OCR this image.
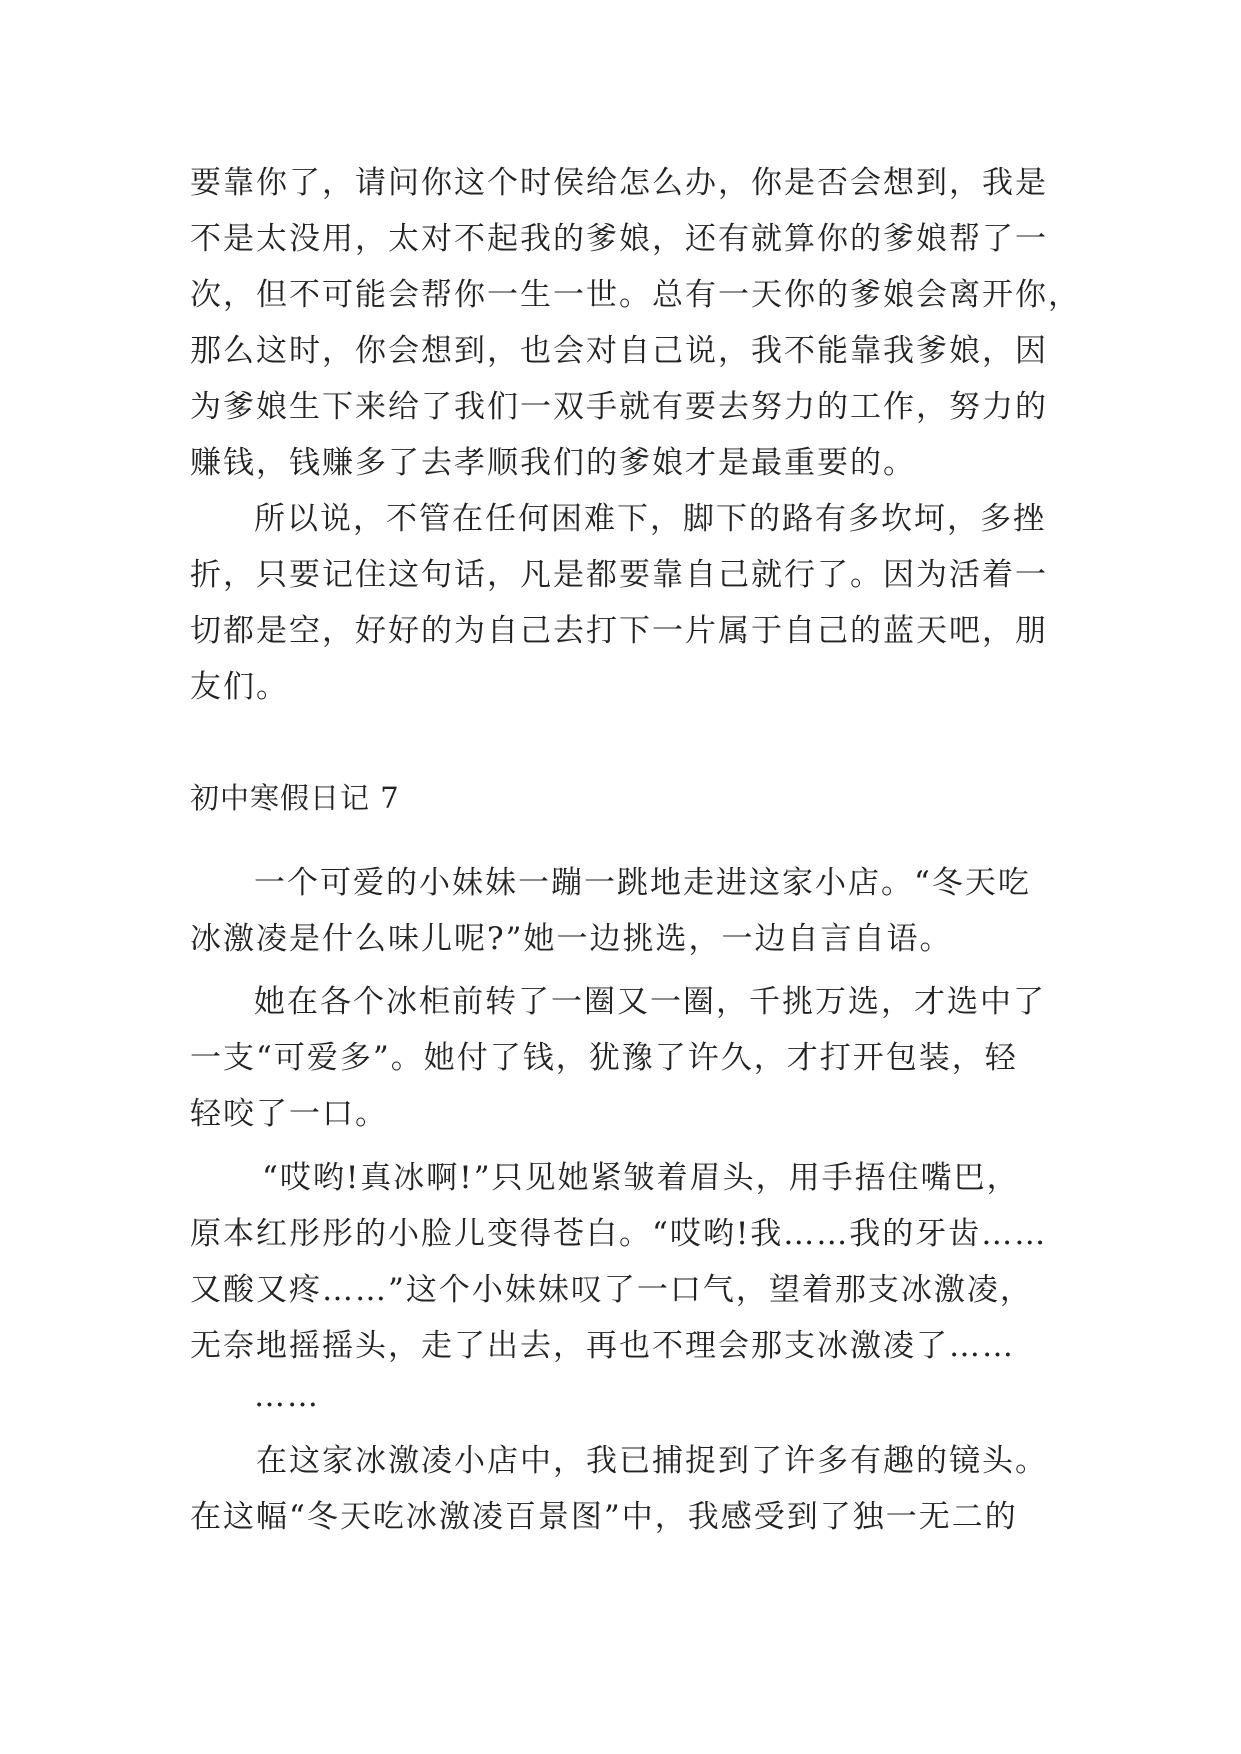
要靠你了，请问你这个时侯给怎么办，你是否会想到，我是
不是太没用，太对不起我的爹娘，还有就算你的爹娘帮了一
次，但不可能会帮你一生一世。总有一天你的爹娘会离开你，
那么这时，你会想到，也会对自己说，我不能靠我爹娘，因
为爹娘生下来给了我们一双手就有要去努力的工作，努力的
赚钱，钱赚多了去孝顺我们的爹娘才是最重要的。
所以说，不管在任何困难下，脚下的路有多坎坷，多挫
折，只要记住这句话，凡是都要靠自己就行了。因为活着一
切都是空，好好的为自己去打下一片属于自己的蓝天吧，朋
友们。
初中寒假日记 7
一个可爱的小妹妹一蹦一跳地走进这家小店。“冬天吃
冰激凌是什么味儿呢?”她一边挑选，一边自言自语。
她在各个冰柜前转了一圈又一圈，千挑万选，才选中了
一支“可爱多”。她付了钱，犹豫了许久，才打开包装，轻
轻咬了一口。
“哎哟!真冰啊!”只见她紧皱着眉头，用手捂住嘴巴，
原本红彤彤的小脸儿变得苍白。“哎哟!我……我的牙齿……
又酸又疼……”这个小妹妹叹了一口气，望着那支冰激凌，
无奈地摇摇头，走了出去，再也不理会那支冰激凌了……
……
在这家冰激凌小店中，我已捕捉到了许多有趣的镜头。
在这幅“冬天吃冰激凌百景图”中，我感受到了独一无二的
